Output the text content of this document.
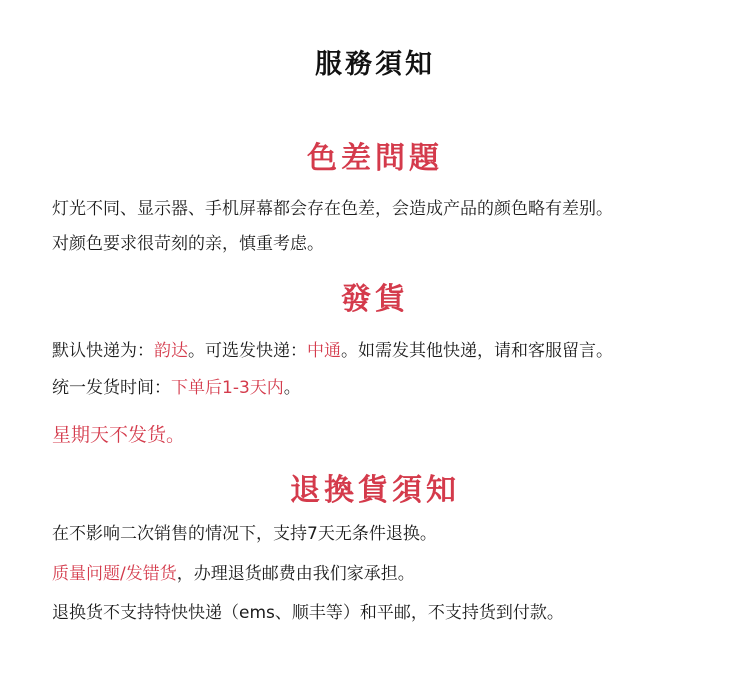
服務須知
色差問題
灯光不同、显示器、手机屏幕都会存在色差，会造成产品的颜色略有差别。
对颜色要求很苛刻的亲，慎重考虑。
發貨
默认快递为：韵达。可选发快递：中通。如需发其他快递，请和客服留言。
统一发货时间：下单后1-3天内。
星期天不发货。
退換貨須知
在不影响二次销售的情况下，支持7天无条件退换。
质量问题/发错货，办理退货邮费由我们家承担。
退换货不支持特快快递（ems、顺丰等）和平邮，不支持货到付款。
